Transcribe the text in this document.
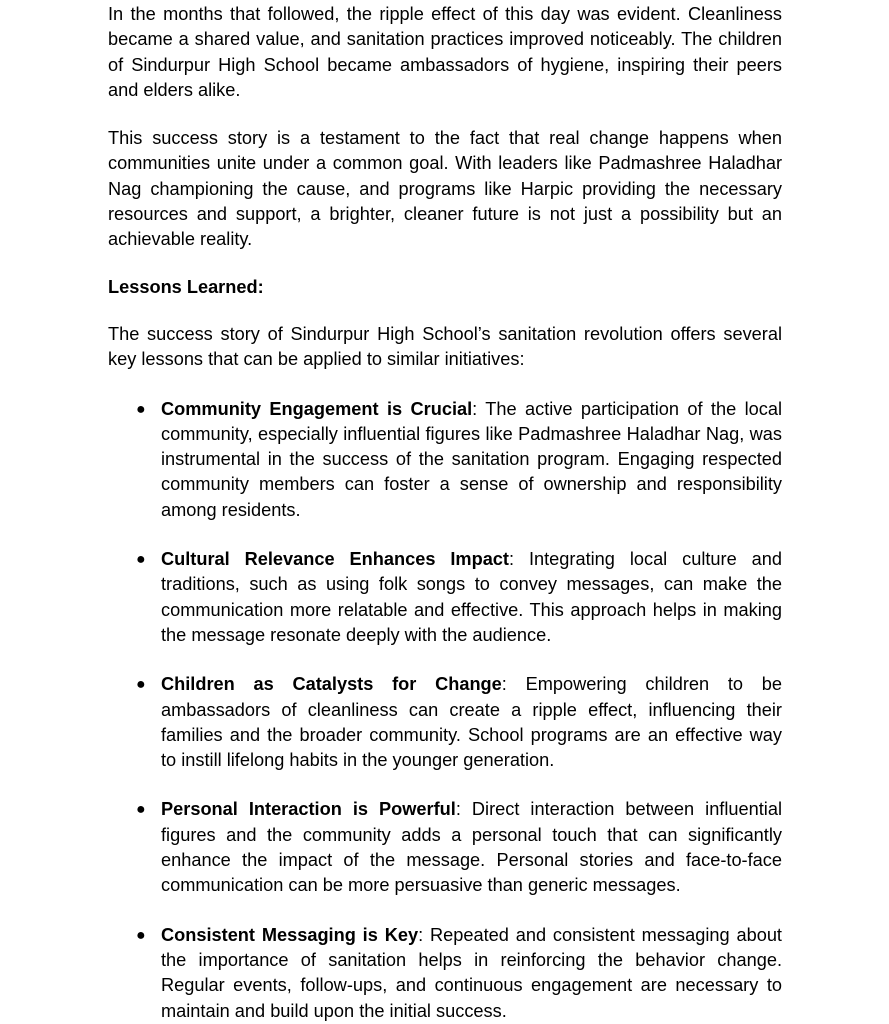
In the months that followed, the ripple effect of this day was evident. Cleanliness became a shared value, and sanitation practices improved noticeably. The children of Sindurpur High School became ambassadors of hygiene, inspiring their peers and elders alike.

This success story is a testament to the fact that real change happens when communities unite under a common goal. With leaders like Padmashree Haladhar Nag championing the cause, and programs like Harpic providing the necessary resources and support, a brighter, cleaner future is not just a possibility but an achievable reality.

Lessons Learned:

The success story of Sindurpur High School’s sanitation revolution offers several key lessons that can be applied to similar initiatives:

● Community Engagement is Crucial: The active participation of the local community, especially influential figures like Padmashree Haladhar Nag, was instrumental in the success of the sanitation program. Engaging respected community members can foster a sense of ownership and responsibility among residents.
● Cultural Relevance Enhances Impact: Integrating local culture and traditions, such as using folk songs to convey messages, can make the communication more relatable and effective. This approach helps in making the message resonate deeply with the audience.
● Children as Catalysts for Change: Empowering children to be ambassadors of cleanliness can create a ripple effect, influencing their families and the broader community. School programs are an effective way to instill lifelong habits in the younger generation.
● Personal Interaction is Powerful: Direct interaction between influential figures and the community adds a personal touch that can significantly enhance the impact of the message. Personal stories and face-to-face communication can be more persuasive than generic messages.
● Consistent Messaging is Key: Repeated and consistent messaging about the importance of sanitation helps in reinforcing the behavior change. Regular events, follow-ups, and continuous engagement are necessary to maintain and build upon the initial success.
